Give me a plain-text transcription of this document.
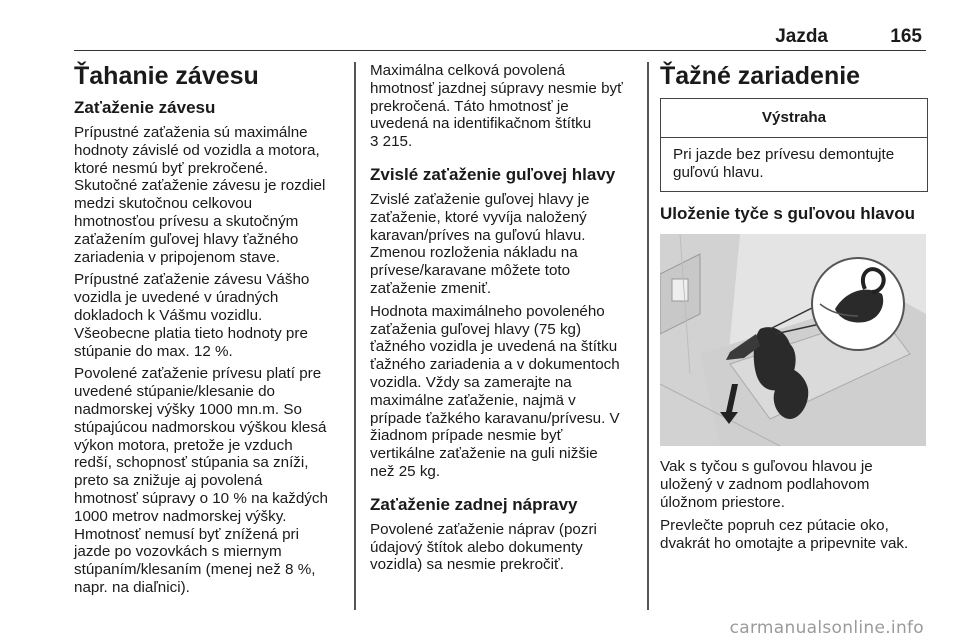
Jazda	165
Ťahanie závesu
Zaťaženie závesu

Prípustné zaťaženia sú maximálne
hodnoty závislé od vozidla a motora,
ktoré nesmú byť prekročené.
Skutočné zaťaženie závesu je rozdiel
medzi skutočnou celkovou
hmotnosťou prívesu a skutočným
zaťažením guľovej hlavy ťažného
zariadenia v pripojenom stave.

Prípustné zaťaženie závesu Vášho
vozidla je uvedené v úradných
dokladoch k Vášmu vozidlu.
Všeobecne platia tieto hodnoty pre
stúpanie do max. 12 %.

Povolené zaťaženie prívesu platí pre
uvedené stúpanie/klesanie do
nadmorskej výšky 1000 mn.m. So
stúpajúcou nadmorskou výškou klesá
výkon motora, pretože je vzduch
redší, schopnosť stúpania sa zníži,
preto sa znižuje aj povolená
hmotnosť súpravy o 10 % na každých
1000 metrov nadmorskej výšky.
Hmotnosť nemusí byť znížená pri
jazde po vozovkách s miernym
stúpaním/klesaním (menej než 8 %,
napr. na diaľnici).

Maximálna celková povolená
hmotnosť jazdnej súpravy nesmie byť
prekročená. Táto hmotnosť je
uvedená na identifikačnom štítku
3 215.

Zvislé zaťaženie guľovej hlavy

Zvislé zaťaženie guľovej hlavy je
zaťaženie, ktoré vyvíja naložený
karavan/príves na guľovú hlavu.
Zmenou rozloženia nákladu na
prívese/karavane môžete toto
zaťaženie zmeniť.

Hodnota maximálneho povoleného
zaťaženia guľovej hlavy (75 kg)
ťažného vozidla je uvedená na štítku
ťažného zariadenia a v dokumentoch
vozidla. Vždy sa zamerajte na
maximálne zaťaženie, najmä v
prípade ťažkého karavanu/prívesu. V
žiadnom prípade nesmie byť
vertikálne zaťaženie na guli nižšie
než 25 kg.

Zaťaženie zadnej nápravy

Povolené zaťaženie náprav (pozri
údajový štítok alebo dokumenty
vozidla) sa nesmie prekročiť.

Ťažné zariadenie
Výstraha
Pri jazde bez prívesu demontujte
guľovú hlavu.
Uloženie tyče s guľovou hlavou

Vak s tyčou s guľovou hlavou je
uložený v zadnom podlahovom
úložnom priestore.

Prevlečte popruh cez pútacie oko,
dvakrát ho omotajte a pripevnite vak.

carmanualsonline.info
